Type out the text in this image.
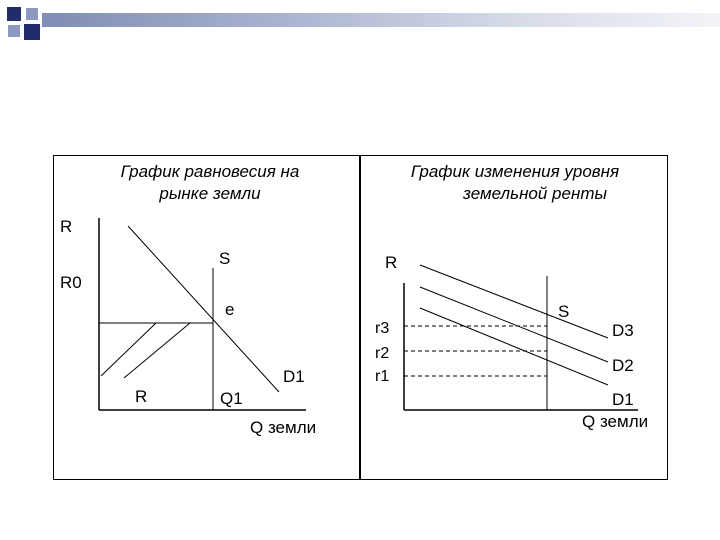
График равновесия на
рынке земли
График изменения уровня
земельной ренты
R
R0
S
e
R	Q1
D1
Q земли
R
S
r3
r2
r1
D3
D2
D1
Q земли
